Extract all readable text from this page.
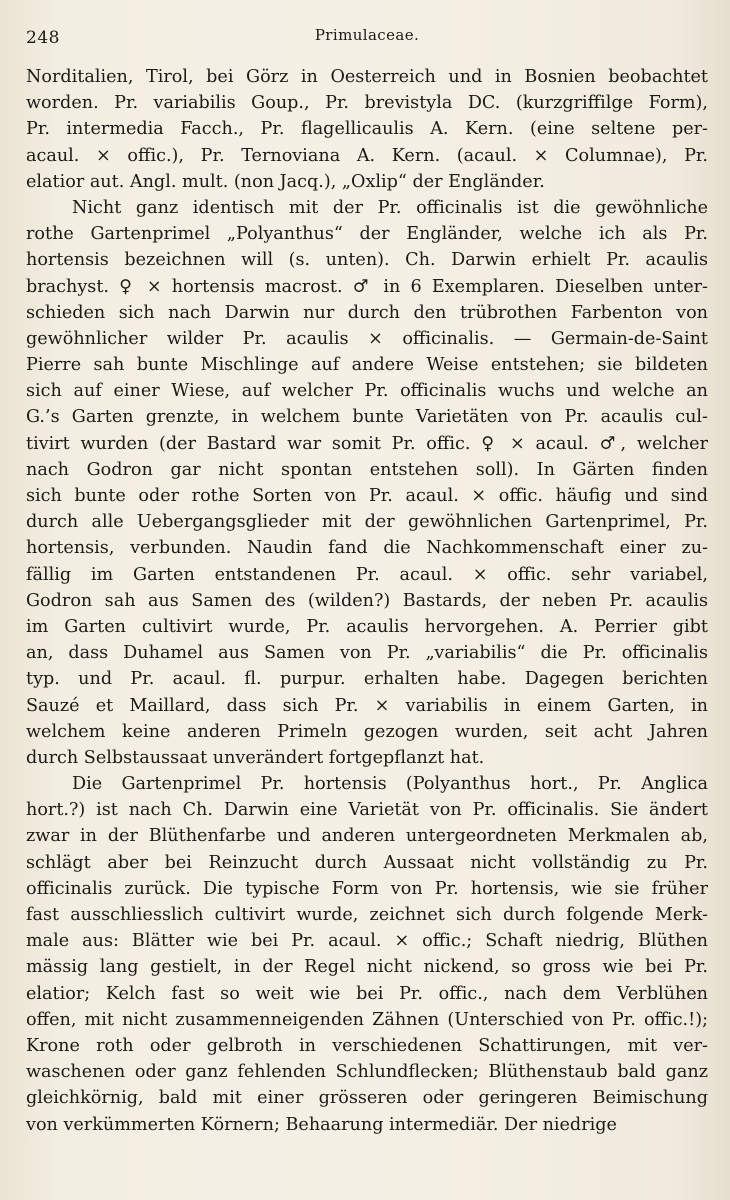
248	Primulaceae.
Norditalien, Tirol, bei Görz in Oesterreich und in Bosnien beobachtet
worden. Pr. variabilis Goup., Pr. brevistyla DC. (kurzgriffilge Form),
Pr. intermedia Facch., Pr. flagellicaulis A. Kern. (eine seltene per-
acaul. × offic.), Pr. Ternoviana A. Kern. (acaul. × Columnae), Pr.
elatior aut. Angl. mult. (non Jacq.), „Oxlip“ der Engländer.
Nicht ganz identisch mit der Pr. officinalis ist die gewöhnliche
rothe Gartenprimel „Polyanthus“ der Engländer, welche ich als Pr.
hortensis bezeichnen will (s. unten). Ch. Darwin erhielt Pr. acaulis
brachyst. ♀ × hortensis macrost. ♂ in 6 Exemplaren. Dieselben unter-
schieden sich nach Darwin nur durch den trübrothen Farbenton von
gewöhnlicher wilder Pr. acaulis × officinalis. — Germain-de-Saint
Pierre sah bunte Mischlinge auf andere Weise entstehen; sie bildeten
sich auf einer Wiese, auf welcher Pr. officinalis wuchs und welche an
G.’s Garten grenzte, in welchem bunte Varietäten von Pr. acaulis cul-
tivirt wurden (der Bastard war somit Pr. offic. ♀ × acaul. ♂, welcher
nach Godron gar nicht spontan entstehen soll). In Gärten finden
sich bunte oder rothe Sorten von Pr. acaul. × offic. häufig und sind
durch alle Uebergangsglieder mit der gewöhnlichen Gartenprimel, Pr.
hortensis, verbunden. Naudin fand die Nachkommenschaft einer zu-
fällig im Garten entstandenen Pr. acaul. × offic. sehr variabel,
Godron sah aus Samen des (wilden?) Bastards, der neben Pr. acaulis
im Garten cultivirt wurde, Pr. acaulis hervorgehen. A. Perrier gibt
an, dass Duhamel aus Samen von Pr. „variabilis“ die Pr. officinalis
typ. und Pr. acaul. fl. purpur. erhalten habe. Dagegen berichten
Sauzé et Maillard, dass sich Pr. × variabilis in einem Garten, in
welchem keine anderen Primeln gezogen wurden, seit acht Jahren
durch Selbstaussaat unverändert fortgepflanzt hat.
Die Gartenprimel Pr. hortensis (Polyanthus hort., Pr. Anglica
hort.?) ist nach Ch. Darwin eine Varietät von Pr. officinalis. Sie ändert
zwar in der Blüthenfarbe und anderen untergeordneten Merkmalen ab,
schlägt aber bei Reinzucht durch Aussaat nicht vollständig zu Pr.
officinalis zurück. Die typische Form von Pr. hortensis, wie sie früher
fast ausschliesslich cultivirt wurde, zeichnet sich durch folgende Merk-
male aus: Blätter wie bei Pr. acaul. × offic.; Schaft niedrig, Blüthen
mässig lang gestielt, in der Regel nicht nickend, so gross wie bei Pr.
elatior; Kelch fast so weit wie bei Pr. offic., nach dem Verblühen
offen, mit nicht zusammenneigenden Zähnen (Unterschied von Pr. offic.!);
Krone roth oder gelbroth in verschiedenen Schattirungen, mit ver-
waschenen oder ganz fehlenden Schlundflecken; Blüthenstaub bald ganz
gleichkörnig, bald mit einer grösseren oder geringeren Beimischung
von verkümmerten Körnern; Behaarung intermediär. Der niedrige
